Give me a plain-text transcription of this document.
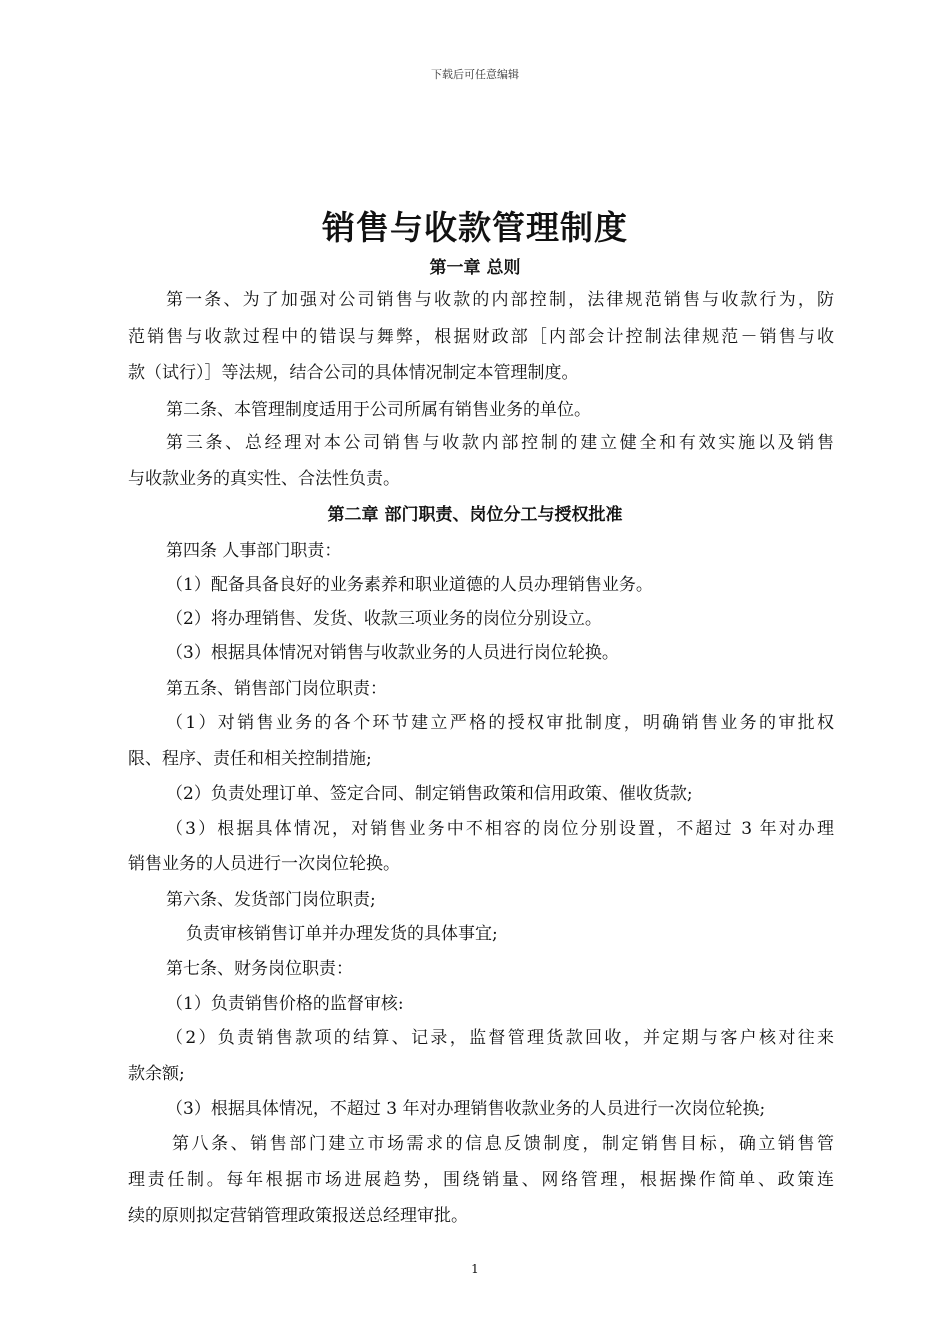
下载后可任意编辑
销售与收款管理制度
第一章 总则
第一条、为了加强对公司销售与收款的内部控制，法律规范销售与收款行为，防
范销售与收款过程中的错误与舞弊，根据财政部［内部会计控制法律规范－销售与收
款（试行）］等法规，结合公司的具体情况制定本管理制度。
第二条、本管理制度适用于公司所属有销售业务的单位。
第三条、总经理对本公司销售与收款内部控制的建立健全和有效实施以及销售
与收款业务的真实性、合法性负责。
第四条 人事部门职责：
（1）配备具备良好的业务素养和职业道德的人员办理销售业务。
（2）将办理销售、发货、收款三项业务的岗位分别设立。
（3）根据具体情况对销售与收款业务的人员进行岗位轮换。
第五条、销售部门岗位职责：
（1）对销售业务的各个环节建立严格的授权审批制度，明确销售业务的审批权
限、程序、责任和相关控制措施;
（2）负责处理订单、签定合同、制定销售政策和信用政策、催收货款;
（3）根据具体情况，对销售业务中不相容的岗位分别设置，不超过 3 年对办理
销售业务的人员进行一次岗位轮换。
第六条、发货部门岗位职责;
负责审核销售订单并办理发货的具体事宜;
第七条、财务岗位职责：
（1）负责销售价格的监督审核:
（2）负责销售款项的结算、记录，监督管理货款回收，并定期与客户核对往来
款余额;
（3）根据具体情况，不超过 3 年对办理销售收款业务的人员进行一次岗位轮换;
第八条、销售部门建立市场需求的信息反馈制度，制定销售目标，确立销售管
理责任制。每年根据市场进展趋势，围绕销量、网络管理，根据操作简单、政策连
续的原则拟定营销管理政策报送总经理审批。
第二章 部门职责、岗位分工与授权批准
1
